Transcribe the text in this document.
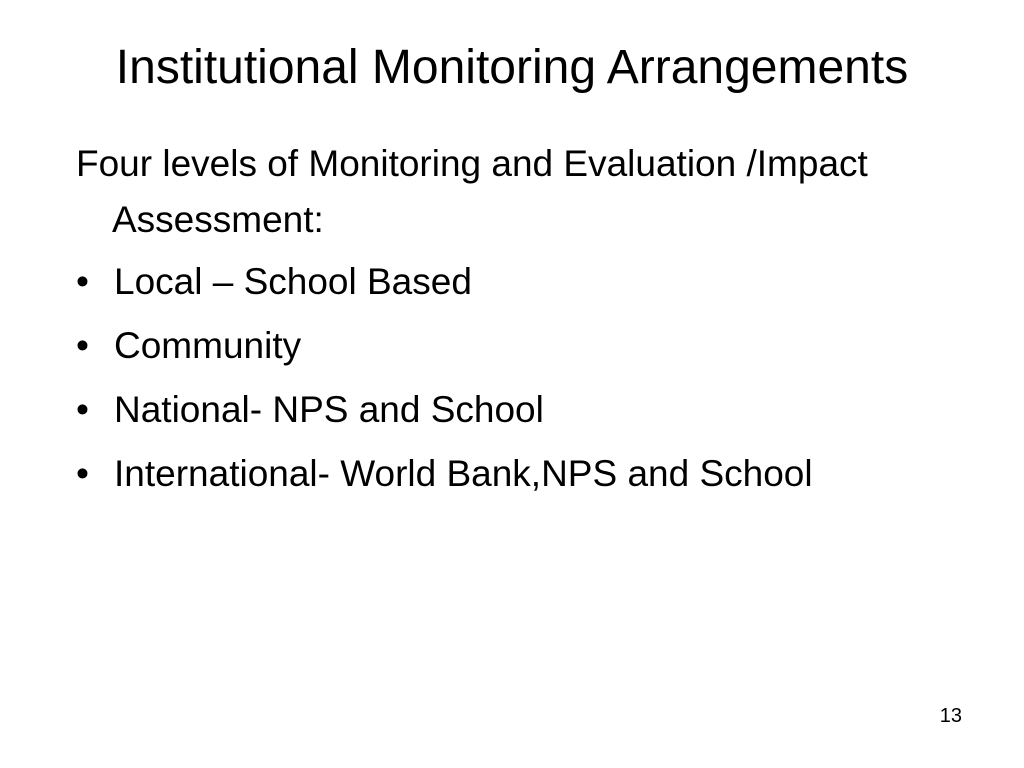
Institutional Monitoring Arrangements

Four levels of Monitoring and Evaluation /Impact Assessment:

• Local – School Based
• Community
• National- NPS and School
• International- World Bank,NPS and School
13
